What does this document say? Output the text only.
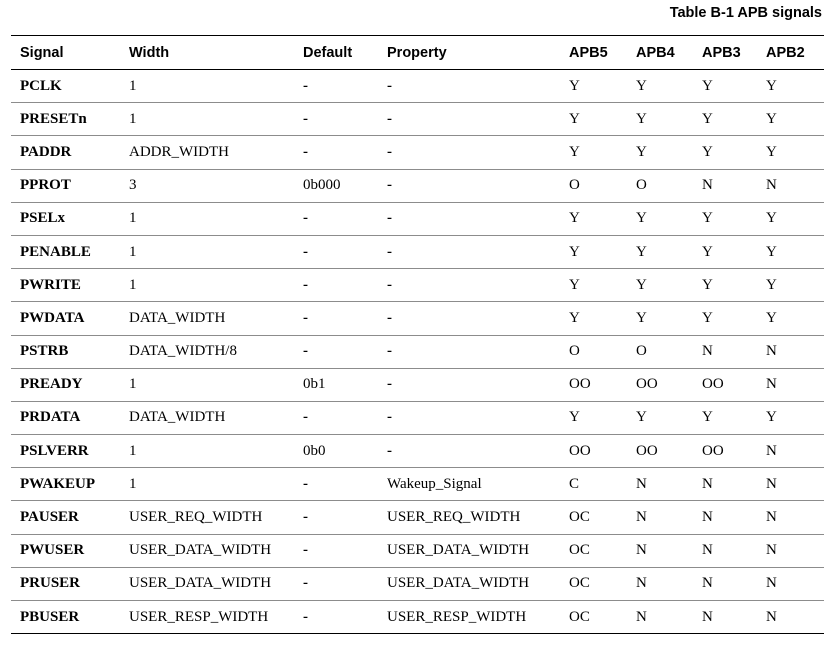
Table B-1 APB signals
Signal	Width	Default	Property	APB5	APB4	APB3	APB2
PCLK	1	-	-	Y	Y	Y	Y
PRESETn	1	-	-	Y	Y	Y	Y
PADDR	ADDR_WIDTH	-	-	Y	Y	Y	Y
PPROT	3	0b000	-	O	O	N	N
PSELx	1	-	-	Y	Y	Y	Y
PENABLE	1	-	-	Y	Y	Y	Y
PWRITE	1	-	-	Y	Y	Y	Y
PWDATA	DATA_WIDTH	-	-	Y	Y	Y	Y
PSTRB	DATA_WIDTH/8	-	-	O	O	N	N
PREADY	1	0b1	-	OO	OO	OO	N
PRDATA	DATA_WIDTH	-	-	Y	Y	Y	Y
PSLVERR	1	0b0	-	OO	OO	OO	N
PWAKEUP	1	-	Wakeup_Signal	C	N	N	N
PAUSER	USER_REQ_WIDTH	-	USER_REQ_WIDTH	OC	N	N	N
PWUSER	USER_DATA_WIDTH	-	USER_DATA_WIDTH	OC	N	N	N
PRUSER	USER_DATA_WIDTH	-	USER_DATA_WIDTH	OC	N	N	N
PBUSER	USER_RESP_WIDTH	-	USER_RESP_WIDTH	OC	N	N	N
